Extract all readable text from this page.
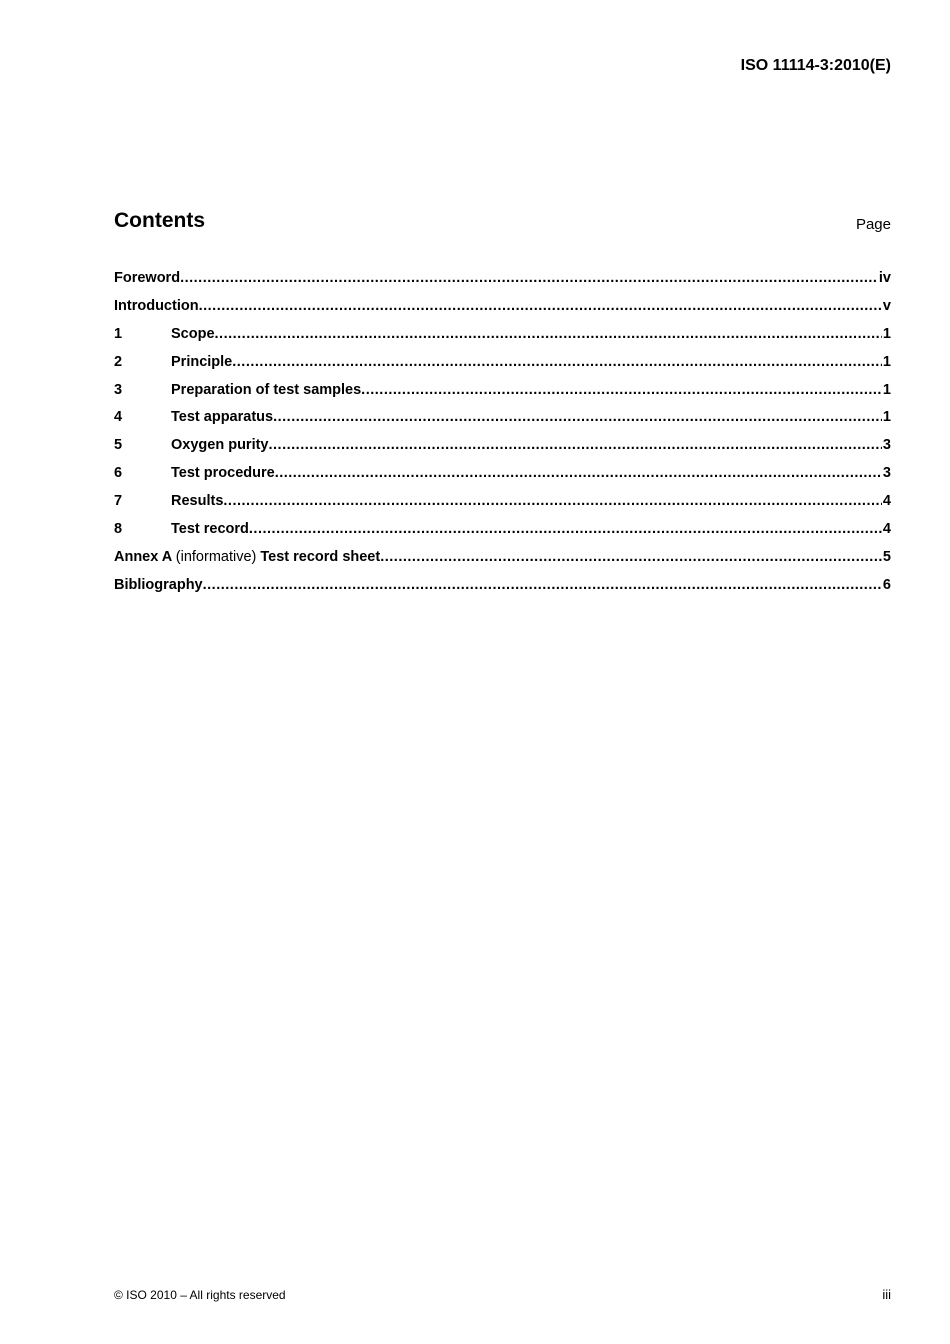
ISO 11114-3:2010(E)
Contents	Page
Foreword .....	iv
Introduction .....	v
1	Scope .....	1
2	Principle .....	1
3	Preparation of test samples .....	1
4	Test apparatus .....	1
5	Oxygen purity .....	3
6	Test procedure .....	3
7	Results .....	4
8	Test record .....	4
Annex A (informative) Test record sheet .....	5
Bibliography .....	6
© ISO 2010 – All rights reserved	iii
